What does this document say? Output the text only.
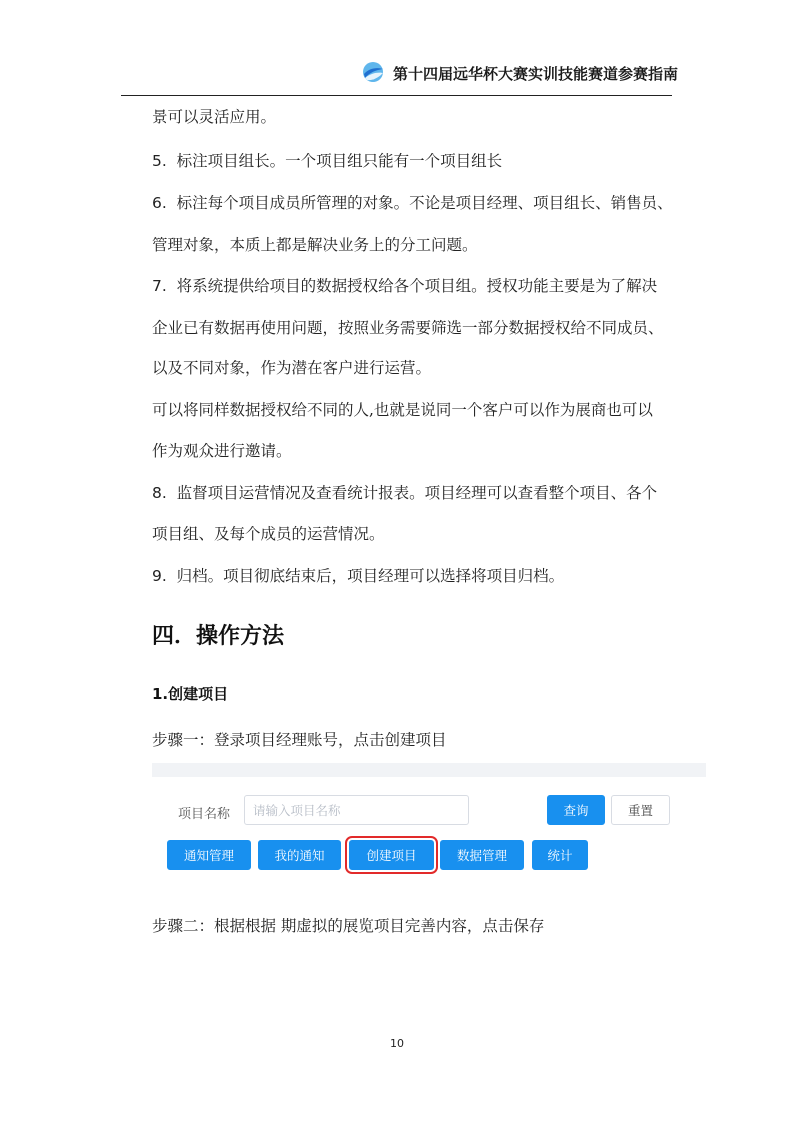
第十四届远华杯大赛实训技能赛道参赛指南
景可以灵活应用。
5. 标注项目组长。一个项目组只能有一个项目组长
6. 标注每个项目成员所管理的对象。不论是项目经理、项目组长、销售员、
管理对象，本质上都是解决业务上的分工问题。
7. 将系统提供给项目的数据授权给各个项目组。授权功能主要是为了解决
企业已有数据再使用问题，按照业务需要筛选一部分数据授权给不同成员、
以及不同对象，作为潜在客户进行运营。
可以将同样数据授权给不同的人,也就是说同一个客户可以作为展商也可以
作为观众进行邀请。
8. 监督项目运营情况及查看统计报表。项目经理可以查看整个项目、各个
项目组、及每个成员的运营情况。
9. 归档。项目彻底结束后，项目经理可以选择将项目归档。
四．操作方法
1.创建项目
步骤一：登录项目经理账号，点击创建项目
项目名称
请输入项目名称	查询	重置
通知管理	我的通知	创建项目	数据管理	统计
步骤二：根据根据 期虚拟的展览项目完善内容，点击保存
10
